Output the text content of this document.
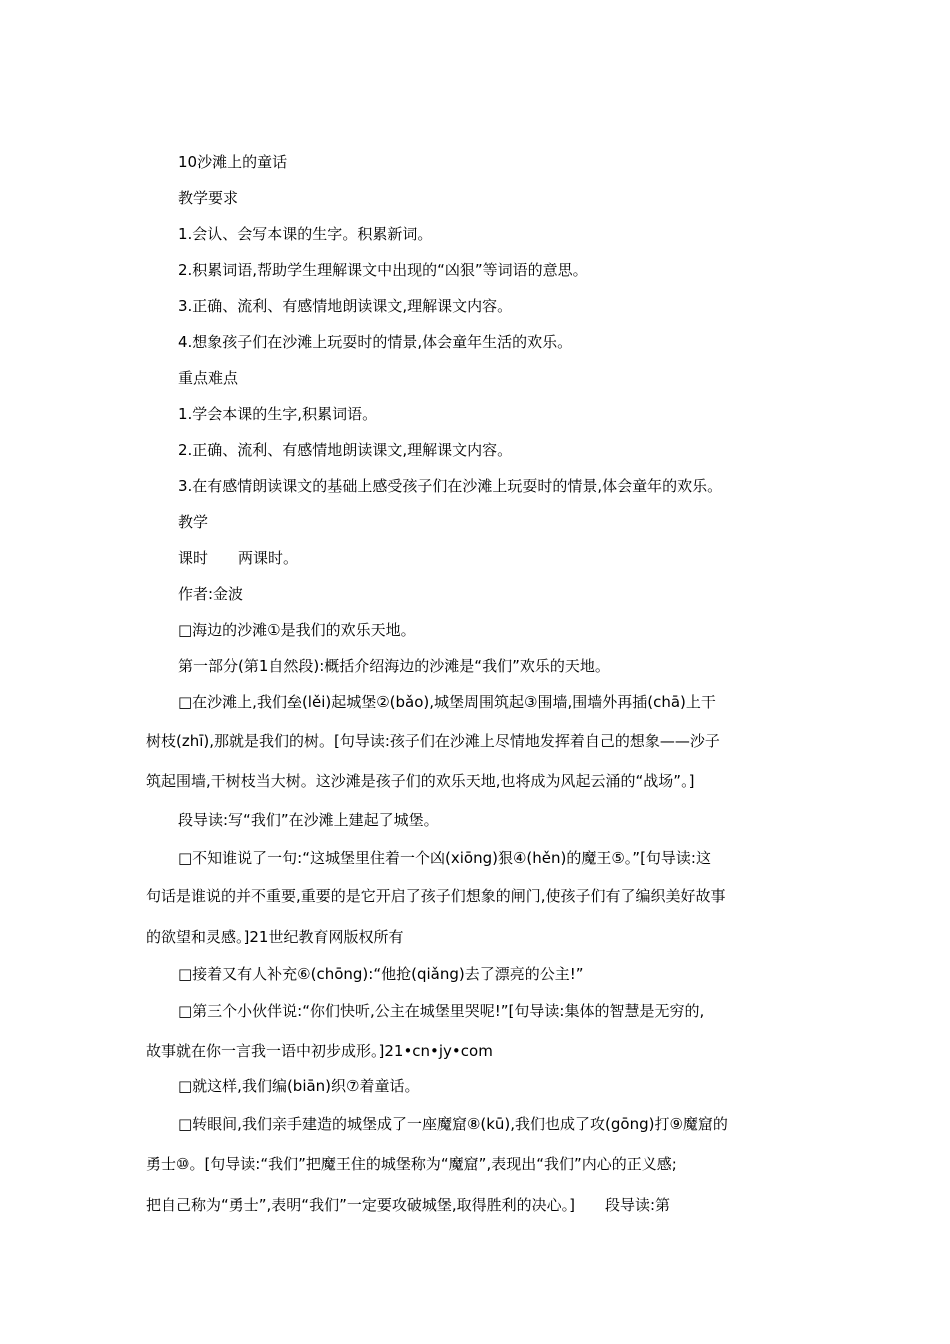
10沙滩上的童话
教学要求
1.会认、会写本课的生字。积累新词。
2.积累词语,帮助学生理解课文中出现的“凶狠”等词语的意思。
3.正确、流利、有感情地朗读课文,理解课文内容。
4.想象孩子们在沙滩上玩耍时的情景,体会童年生活的欢乐。
重点难点
1.学会本课的生字,积累词语。
2.正确、流利、有感情地朗读课文,理解课文内容。
3.在有感情朗读课文的基础上感受孩子们在沙滩上玩耍时的情景,体会童年的欢乐。
教学
课时　　两课时。
作者:金波
□海边的沙滩①是我们的欢乐天地。
第一部分(第1自然段):概括介绍海边的沙滩是“我们”欢乐的天地。
□在沙滩上,我们垒(lěi)起城堡②(bǎo),城堡周围筑起③围墙,围墙外再插(chā)上干
树枝(zhī),那就是我们的树。[句导读:孩子们在沙滩上尽情地发挥着自己的想象——沙子
筑起围墙,干树枝当大树。这沙滩是孩子们的欢乐天地,也将成为风起云涌的“战场”。]
段导读:写“我们”在沙滩上建起了城堡。
□不知谁说了一句:“这城堡里住着一个凶(xiōng)狠④(hěn)的魔王⑤。”[句导读:这
句话是谁说的并不重要,重要的是它开启了孩子们想象的闸门,使孩子们有了编织美好故事
的欲望和灵感。]21世纪教育网版权所有
□接着又有人补充⑥(chōng):“他抢(qiǎng)去了漂亮的公主!”
□第三个小伙伴说:“你们快听,公主在城堡里哭呢!”[句导读:集体的智慧是无穷的,
故事就在你一言我一语中初步成形。]21•cn•jy•com
□就这样,我们编(biān)织⑦着童话。
□转眼间,我们亲手建造的城堡成了一座魔窟⑧(kū),我们也成了攻(gōng)打⑨魔窟的
勇士⑩。[句导读:“我们”把魔王住的城堡称为“魔窟”,表现出“我们”内心的正义感;
把自己称为“勇士”,表明“我们”一定要攻破城堡,取得胜利的决心。]　　段导读:第
